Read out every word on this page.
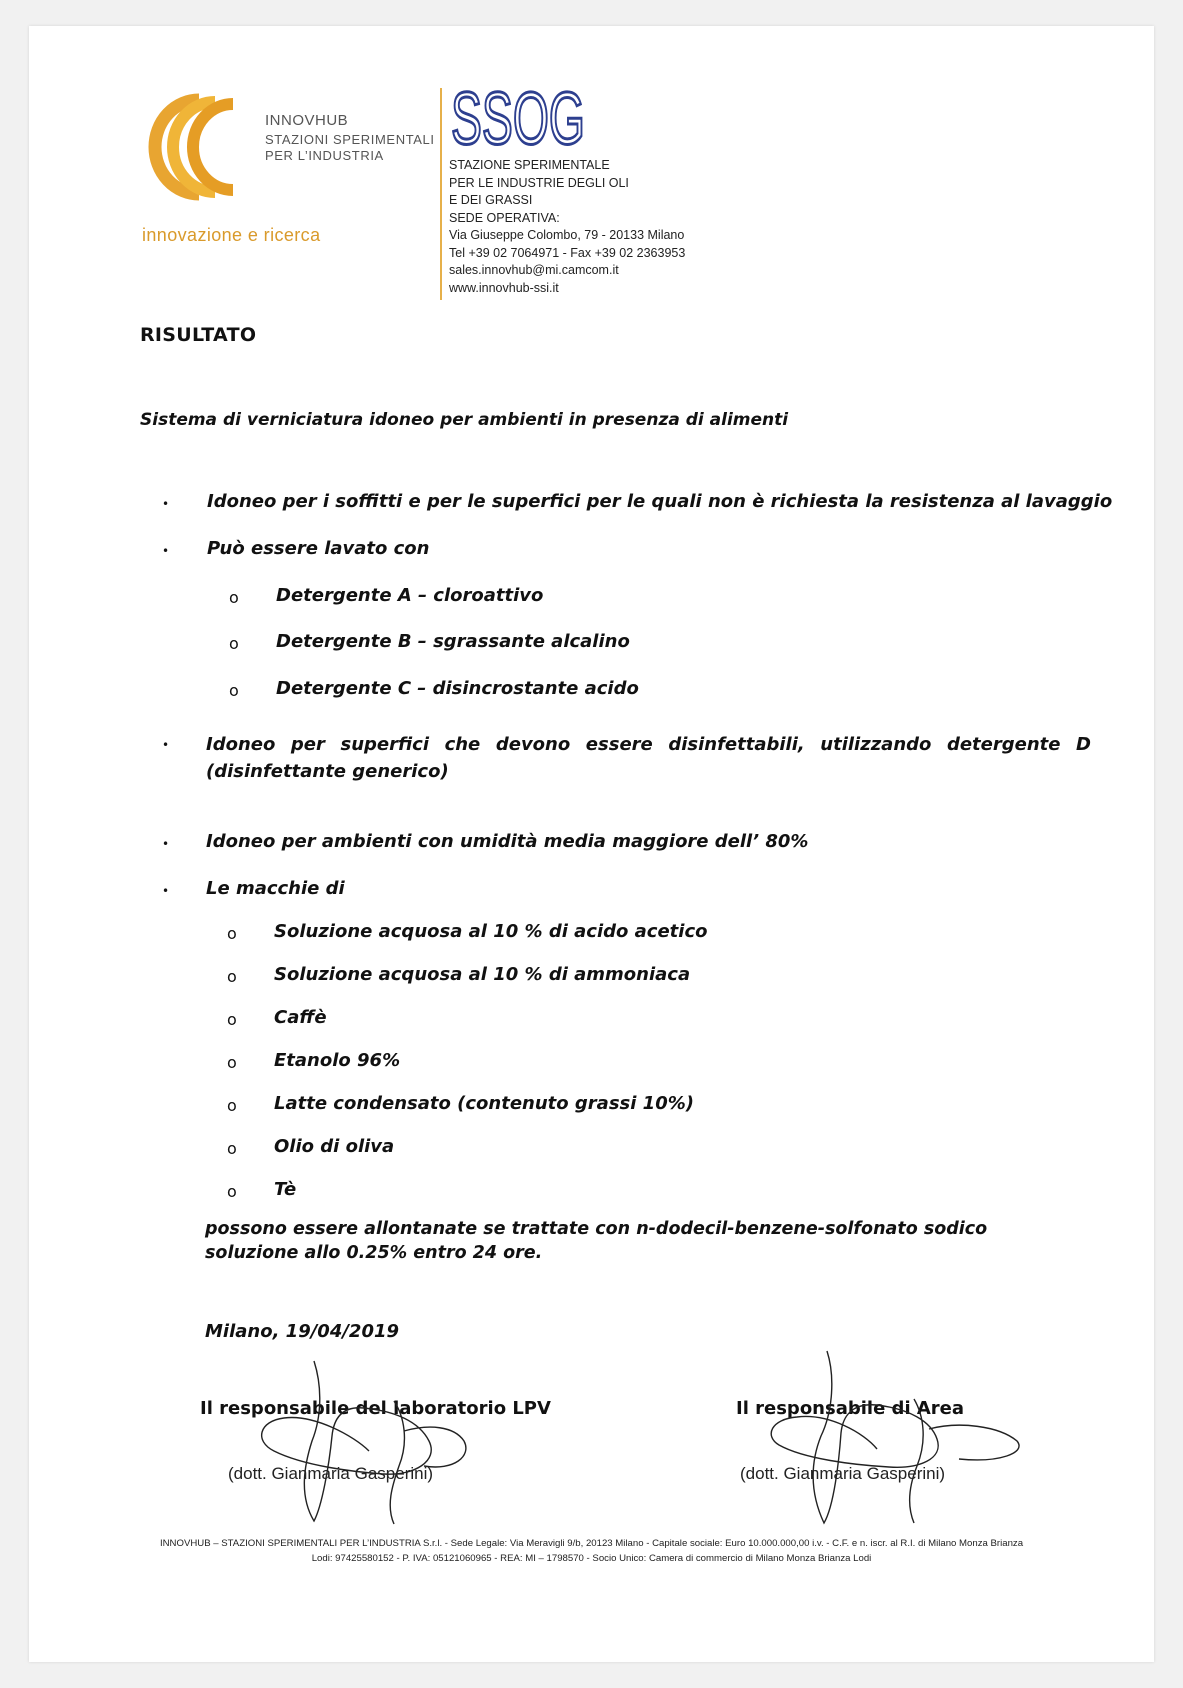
INNOVHUB
STAZIONI SPERIMENTALI
PER L’INDUSTRIA
innovazione e ricerca
SSOG
STAZIONE SPERIMENTALE
PER LE INDUSTRIE DEGLI OLI
E DEI GRASSI
SEDE OPERATIVA:
Via Giuseppe Colombo, 79 - 20133 Milano
Tel +39 02 7064971 - Fax +39 02 2363953
sales.innovhub@mi.camcom.it
www.innovhub-ssi.it
RISULTATO
Sistema di verniciatura idoneo per ambienti in presenza di alimenti
• Idoneo per i soffitti e per le superfici per le quali non è richiesta la resistenza al lavaggio
• Può essere lavato con
o Detergente A – cloroattivo
o Detergente B – sgrassante alcalino
o Detergente C – disincrostante acido
• Idoneo per superfici che devono essere disinfettabili, utilizzando detergente D (disinfettante generico)
• Idoneo per ambienti con umidità media maggiore dell’ 80%
• Le macchie di
o Soluzione acquosa al 10 % di acido acetico
o Soluzione acquosa al 10 % di ammoniaca
o Caffè
o Etanolo 96%
o Latte condensato (contenuto grassi 10%)
o Olio di oliva
o Tè
possono essere allontanate se trattate con n-dodecil-benzene-solfonato sodico
soluzione allo 0.25% entro 24 ore.
Milano, 19/04/2019
Il responsabile del laboratorio LPV
(dott. Gianmaria Gasperini)
Il responsabile di Area
(dott. Gianmaria Gasperini)
INNOVHUB – STAZIONI SPERIMENTALI PER L’INDUSTRIA S.r.l. - Sede Legale: Via Meravigli 9/b, 20123 Milano - Capitale sociale: Euro 10.000.000,00 i.v. - C.F. e n. iscr. al R.I. di Milano Monza Brianza
Lodi: 97425580152 - P. IVA: 05121060965 - REA: MI – 1798570 - Socio Unico: Camera di commercio di Milano Monza Brianza Lodi
